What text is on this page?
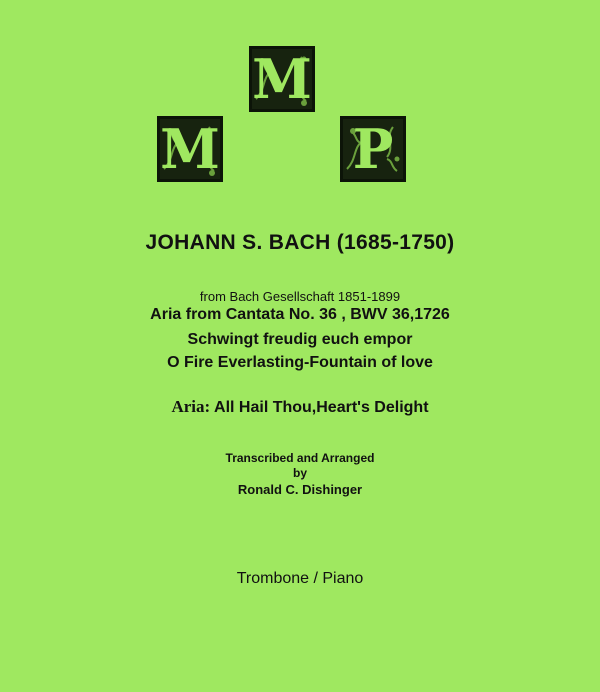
M
M P
JOHANN S. BACH (1685-1750)
from Bach Gesellschaft 1851-1899
Aria from Cantata No. 36 , BWV 36,1726
Schwingt freudig euch empor
O Fire Everlasting-Fountain of love
Aria: All Hail Thou,Heart's Delight
Transcribed and Arranged
by
Ronald C. Dishinger
Trombone / Piano
